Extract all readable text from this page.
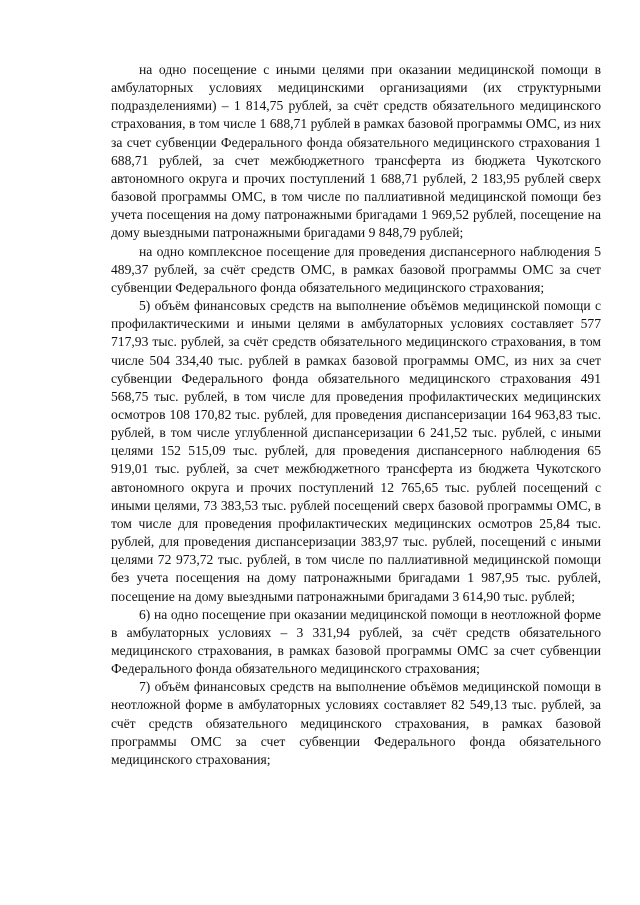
на одно посещение с иными целями при оказании медицинской помощи в амбулаторных условиях медицинскими организациями (их структурными подразделениями) – 1 814,75 рублей, за счёт средств обязательного медицинского страхования, в том числе 1 688,71 рублей в рамках базовой программы ОМС, из них за счет субвенции Федерального фонда обязательного медицинского страхования 1 688,71 рублей, за счет межбюджетного трансферта из бюджета Чукотского автономного округа и прочих поступлений 1 688,71 рублей, 2 183,95 рублей сверх базовой программы ОМС, в том числе по паллиативной медицинской помощи без учета посещения на дому патронажными бригадами 1 969,52 рублей, посещение на дому выездными патронажными бригадами 9 848,79 рублей;

на одно комплексное посещение для проведения диспансерного наблюдения 5 489,37 рублей, за счёт средств ОМС, в рамках базовой программы ОМС за счет субвенции Федерального фонда обязательного медицинского страхования;

5) объём финансовых средств на выполнение объёмов медицинской помощи с профилактическими и иными целями в амбулаторных условиях составляет 577 717,93 тыс. рублей, за счёт средств обязательного медицинского страхования, в том числе 504 334,40 тыс. рублей в рамках базовой программы ОМС, из них за счет субвенции Федерального фонда обязательного медицинского страхования 491 568,75 тыс. рублей, в том числе для проведения профилактических медицинских осмотров 108 170,82 тыс. рублей, для проведения диспансеризации 164 963,83 тыс. рублей, в том числе углубленной диспансеризации 6 241,52 тыс. рублей, с иными целями 152 515,09 тыс. рублей, для проведения диспансерного наблюдения 65 919,01 тыс. рублей, за счет межбюджетного трансферта из бюджета Чукотского автономного округа и прочих поступлений 12 765,65 тыс. рублей посещений с иными целями, 73 383,53 тыс. рублей посещений сверх базовой программы ОМС, в том числе для проведения профилактических медицинских осмотров 25,84 тыс. рублей, для проведения диспансеризации 383,97 тыс. рублей, посещений с иными целями 72 973,72 тыс. рублей, в том числе по паллиативной медицинской помощи без учета посещения на дому патронажными бригадами 1 987,95 тыс. рублей, посещение на дому выездными патронажными бригадами 3 614,90 тыс. рублей;

6) на одно посещение при оказании медицинской помощи в неотложной форме в амбулаторных условиях – 3 331,94 рублей, за счёт средств обязательного медицинского страхования, в рамках базовой программы ОМС за счет субвенции Федерального фонда обязательного медицинского страхования;

7) объём финансовых средств на выполнение объёмов медицинской помощи в неотложной форме в амбулаторных условиях составляет 82 549,13 тыс. рублей, за счёт средств обязательного медицинского страхования, в рамках базовой программы ОМС за счет субвенции Федерального фонда обязательного медицинского страхования;
